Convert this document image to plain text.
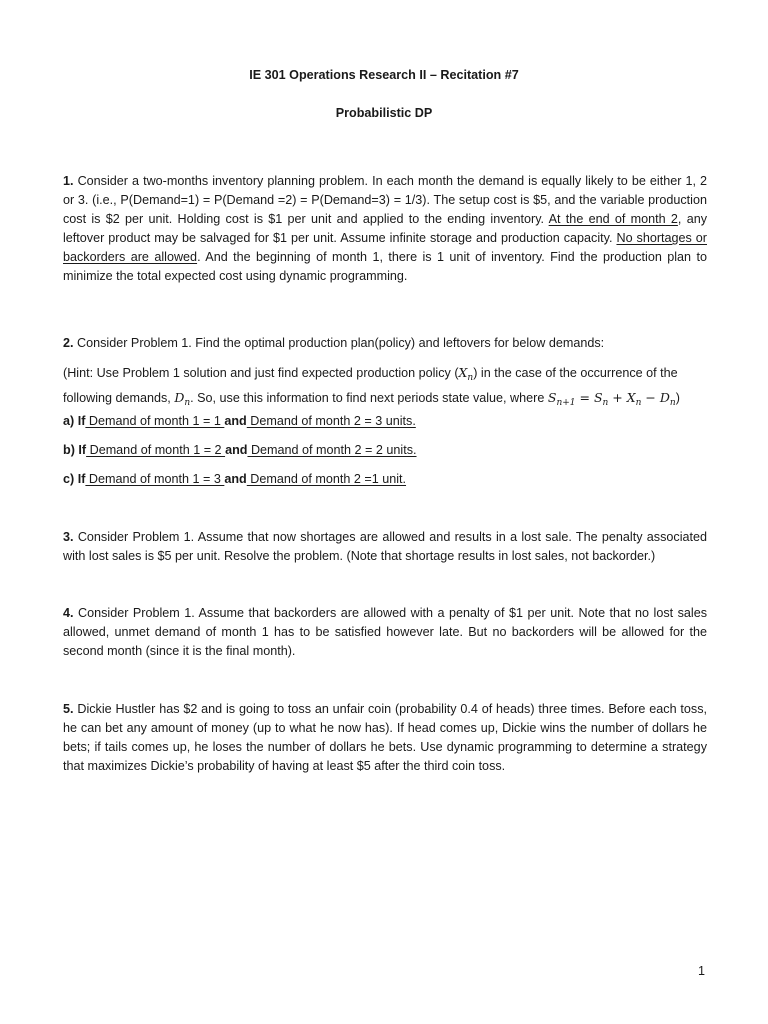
IE 301 Operations Research II – Recitation #7
Probabilistic DP
1. Consider a two-months inventory planning problem. In each month the demand is equally likely to be either 1, 2
or 3. (i.e., P(Demand=1) = P(Demand =2) = P(Demand=3) = 1/3). The setup cost is $5, and the variable production
cost is $2 per unit. Holding cost is $1 per unit and applied to the ending inventory. At the end of month 2, any
leftover product may be salvaged for $1 per unit. Assume infinite storage and production capacity. No shortages or
backorders are allowed. And the beginning of month 1, there is 1 unit of inventory. Find the production plan to
minimize the total expected cost using dynamic programming.
2. Consider Problem 1. Find the optimal production plan(policy) and leftovers for below demands:
(Hint: Use Problem 1 solution and just find expected production policy $(X_n)$ in the case of the occurrence of the
following demands, $D_n$. So, use this information to find next periods state value, where $S_{n+1} = S_n + X_n - D_n$)
a) If Demand of month 1 = 1 and Demand of month 2 = 3 units.
b) If Demand of month 1 = 2 and Demand of month 2 = 2 units.
c) If Demand of month 1 = 3 and Demand of month 2 =1 unit.
3. Consider Problem 1. Assume that now shortages are allowed and results in a lost sale. The penalty associated
with lost sales is $5 per unit. Resolve the problem. (Note that shortage results in lost sales, not backorder.)
4. Consider Problem 1. Assume that backorders are allowed with a penalty of $1 per unit. Note that no lost sales
allowed, unmet demand of month 1 has to be satisfied however late. But no backorders will be allowed for the
second month (since it is the final month).
5. Dickie Hustler has $2 and is going to toss an unfair coin (probability 0.4 of heads) three times. Before each toss,
he can bet any amount of money (up to what he now has). If head comes up, Dickie wins the number of dollars he
bets; if tails comes up, he loses the number of dollars he bets. Use dynamic programming to determine a strategy
that maximizes Dickie’s probability of having at least $5 after the third coin toss.
1
